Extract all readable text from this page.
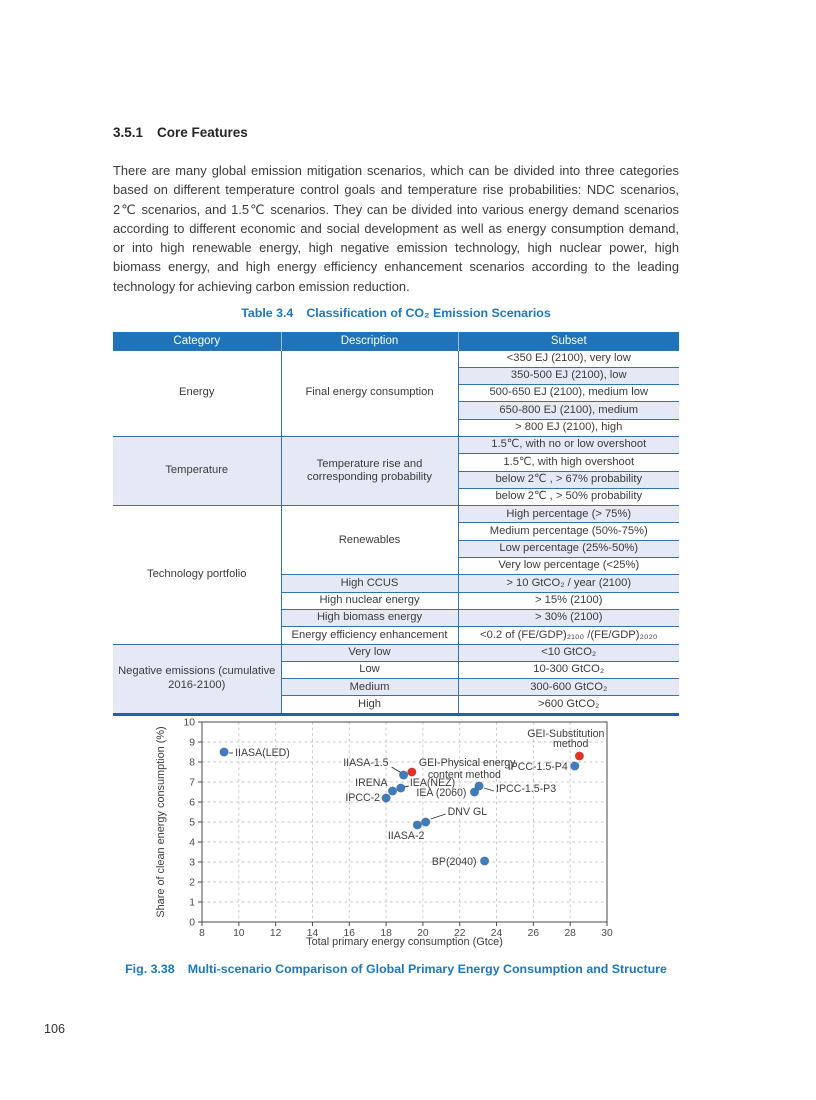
3.5.1 Core Features
There are many global emission mitigation scenarios, which can be divided into three categories based on different temperature control goals and temperature rise probabilities: NDC scenarios, 2℃ scenarios, and 1.5℃ scenarios. They can be divided into various energy demand scenarios according to different economic and social development as well as energy consumption demand, or into high renewable energy, high negative emission technology, high nuclear power, high biomass energy, and high energy efficiency enhancement scenarios according to the leading technology for achieving carbon emission reduction.
Table 3.4 Classification of CO₂ Emission Scenarios
Category	Description	Subset
Energy	Final energy consumption	<350 EJ (2100), very low
		350-500 EJ (2100), low
		500-650 EJ (2100), medium low
		650-800 EJ (2100), medium
		> 800 EJ (2100), high
Temperature	Temperature rise and corresponding probability	1.5℃, with no or low overshoot
		1.5℃, with high overshoot
		below 2℃ , > 67% probability
		below 2℃ , > 50% probability
Technology portfolio	Renewables	High percentage (> 75%)
		Medium percentage (50%-75%)
		Low percentage (25%-50%)
		Very low percentage (<25%)
	High CCUS	> 10 GtCO₂ / year (2100)
	High nuclear energy	> 15% (2100)
	High biomass energy	> 30% (2100)
	Energy efficiency enhancement	<0.2 of (FE/GDP)₂₁₀₀ /(FE/GDP)₂₀₂₀
Negative emissions (cumulative 2016-2100)	Very low	<10 GtCO₂
	Low	10-300 GtCO₂
	Medium	300-600 GtCO₂
	High	>600 GtCO₂
0
1
2
3
4
5
6
7
8
9
10
8	10 12 14 16 18 20 22 24 26 28 30
IIASA(LED)
IIASA-1.5	GEI-Physical energy
content method
IPCC-1.5-P4
GEI-Substitution
method
IRENA IEA(NEZ)
IPCC-2	IEA (2060)	IPCC-1.5-P3
DNV GL
IIASA-2
BP(2040)
Total primary energy consumption (Gtce)
Share of clean energy consumption (%)
Fig. 3.38 Multi-scenario Comparison of Global Primary Energy Consumption and Structure
106
